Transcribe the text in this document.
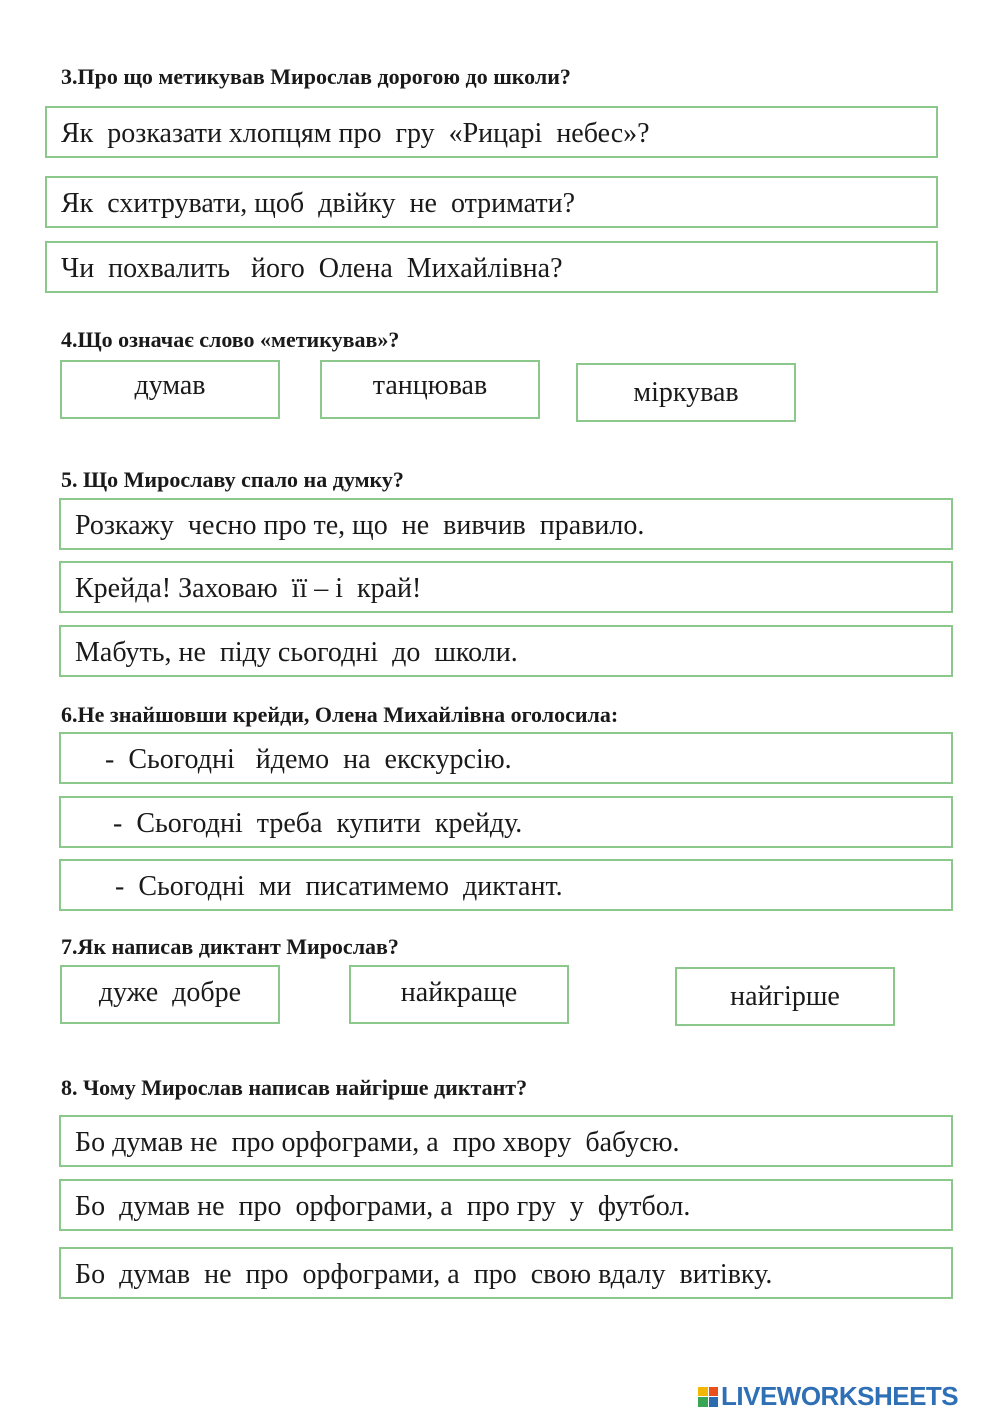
3.Про що метикував Мирослав дорогою до школи?
Як  розказати хлопцям про  гру  «Рицарі  небес»?
Як  схитрувати, щоб  двійку  не  отримати?
Чи  похвалить   його  Олена  Михайлівна?
4.Що означає слово «метикував»?
думав	танцював	міркував
5. Що Мирославу спало на думку?
Розкажу  чесно про те, що  не  вивчив  правило.
Крейда! Заховаю  її – і  край!
Мабуть, не  піду сьогодні  до  школи.
6.Не знайшовши крейди, Олена Михайлівна оголосила:
-  Сьогодні   йдемо  на  екскурсію.
-  Сьогодні  треба  купити  крейду.
-  Сьогодні  ми  писатимемо  диктант.
7.Як написав диктант Мирослав?
дуже  добре	найкраще	найгірше
8. Чому Мирослав написав найгірше диктант?
Бо думав не  про орфограми, а  про хвору  бабусю.
Бо  думав не  про  орфограми, а  про гру  у  футбол.
Бо  думав  не  про  орфограми, а  про  свою вдалу  витівку.
LIVEWORKSHEETS
